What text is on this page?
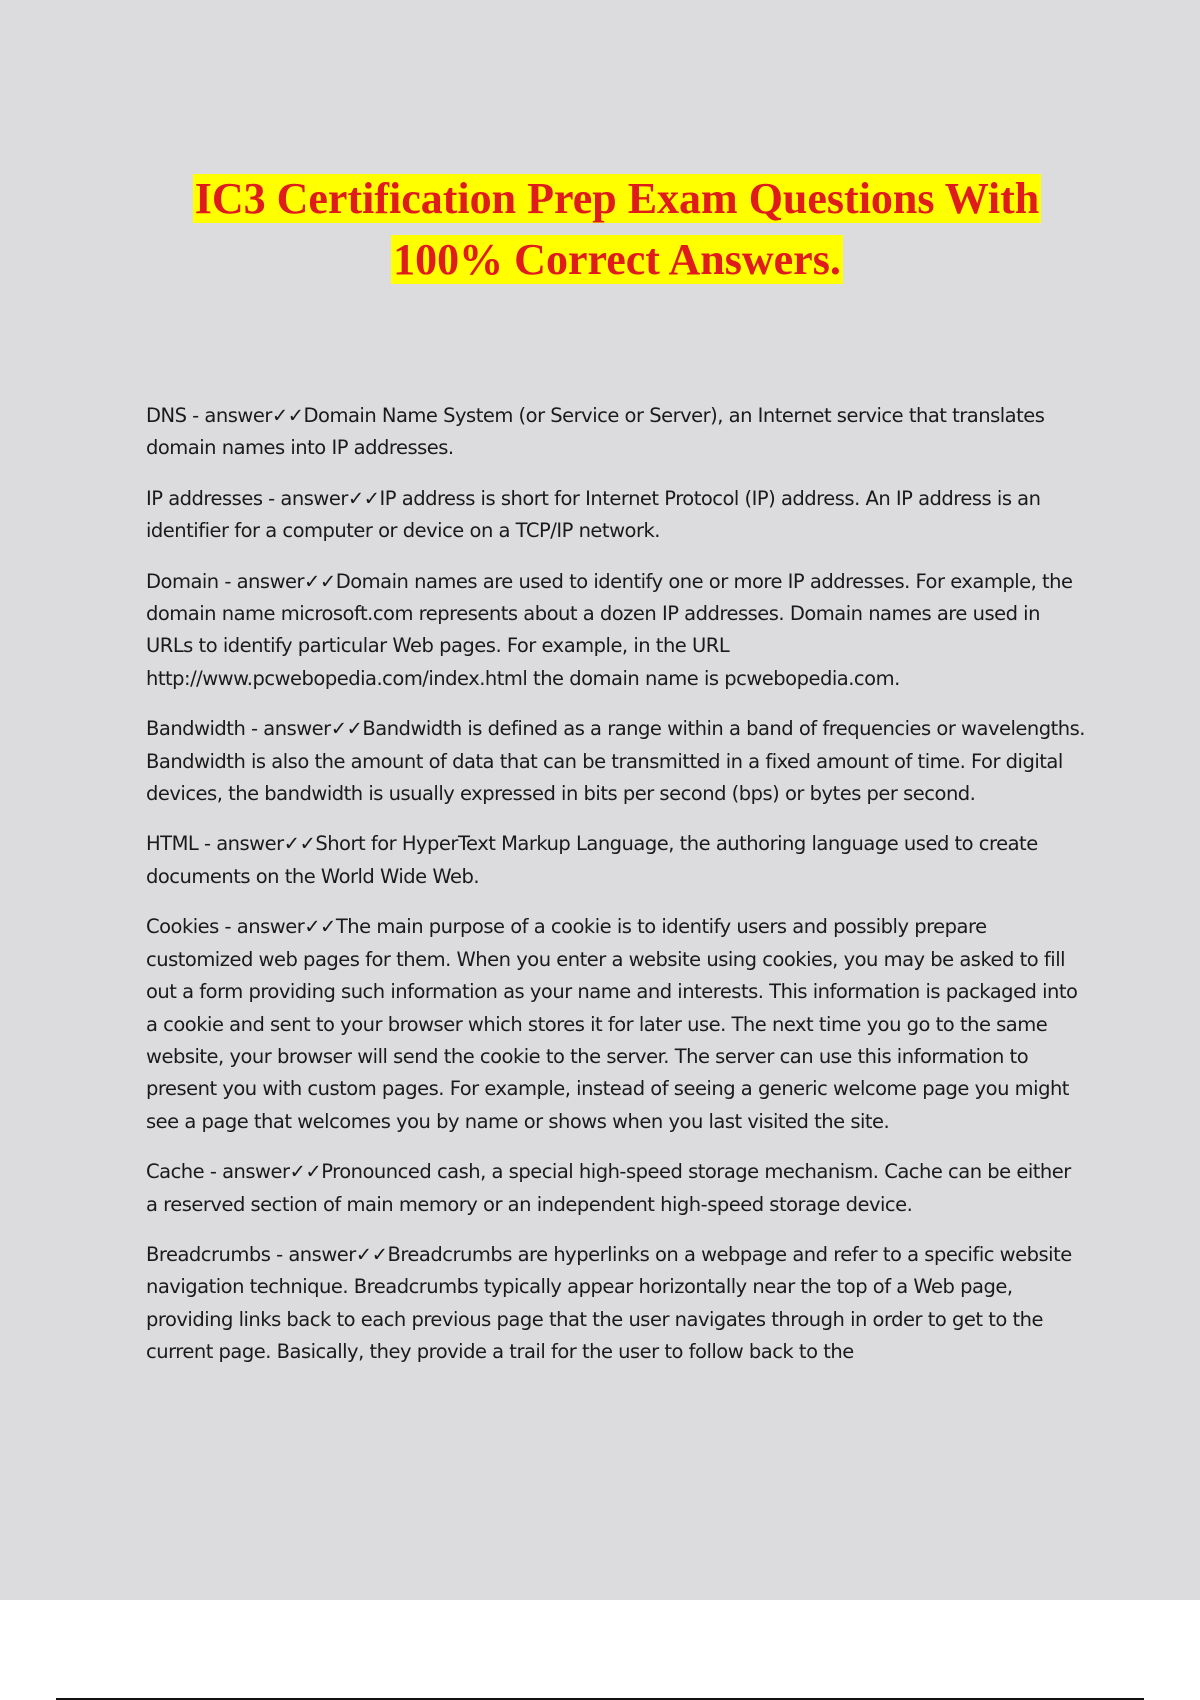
IC3 Certification Prep Exam Questions With
100% Correct Answers.

DNS - answer✓✓Domain Name System (or Service or Server), an Internet service that translates domain names into IP addresses.

IP addresses - answer✓✓IP address is short for Internet Protocol (IP) address. An IP address is an identifier for a computer or device on a TCP/IP network.

Domain - answer✓✓Domain names are used to identify one or more IP addresses. For example, the domain name microsoft.com represents about a dozen IP addresses. Domain names are used in URLs to identify particular Web pages. For example, in the URL http://www.pcwebopedia.com/index.html the domain name is pcwebopedia.com.

Bandwidth - answer✓✓Bandwidth is defined as a range within a band of frequencies or wavelengths. Bandwidth is also the amount of data that can be transmitted in a fixed amount of time. For digital devices, the bandwidth is usually expressed in bits per second (bps) or bytes per second.

HTML - answer✓✓Short for HyperText Markup Language, the authoring language used to create documents on the World Wide Web.

Cookies - answer✓✓The main purpose of a cookie is to identify users and possibly prepare customized web pages for them. When you enter a website using cookies, you may be asked to fill out a form providing such information as your name and interests. This information is packaged into a cookie and sent to your browser which stores it for later use. The next time you go to the same website, your browser will send the cookie to the server. The server can use this information to present you with custom pages. For example, instead of seeing a generic welcome page you might see a page that welcomes you by name or shows when you last visited the site.

Cache - answer✓✓Pronounced cash, a special high-speed storage mechanism. Cache can be either a reserved section of main memory or an independent high-speed storage device.

Breadcrumbs - answer✓✓Breadcrumbs are hyperlinks on a webpage and refer to a specific website navigation technique. Breadcrumbs typically appear horizontally near the top of a Web page, providing links back to each previous page that the user navigates through in order to get to the current page. Basically, they provide a trail for the user to follow back to the
